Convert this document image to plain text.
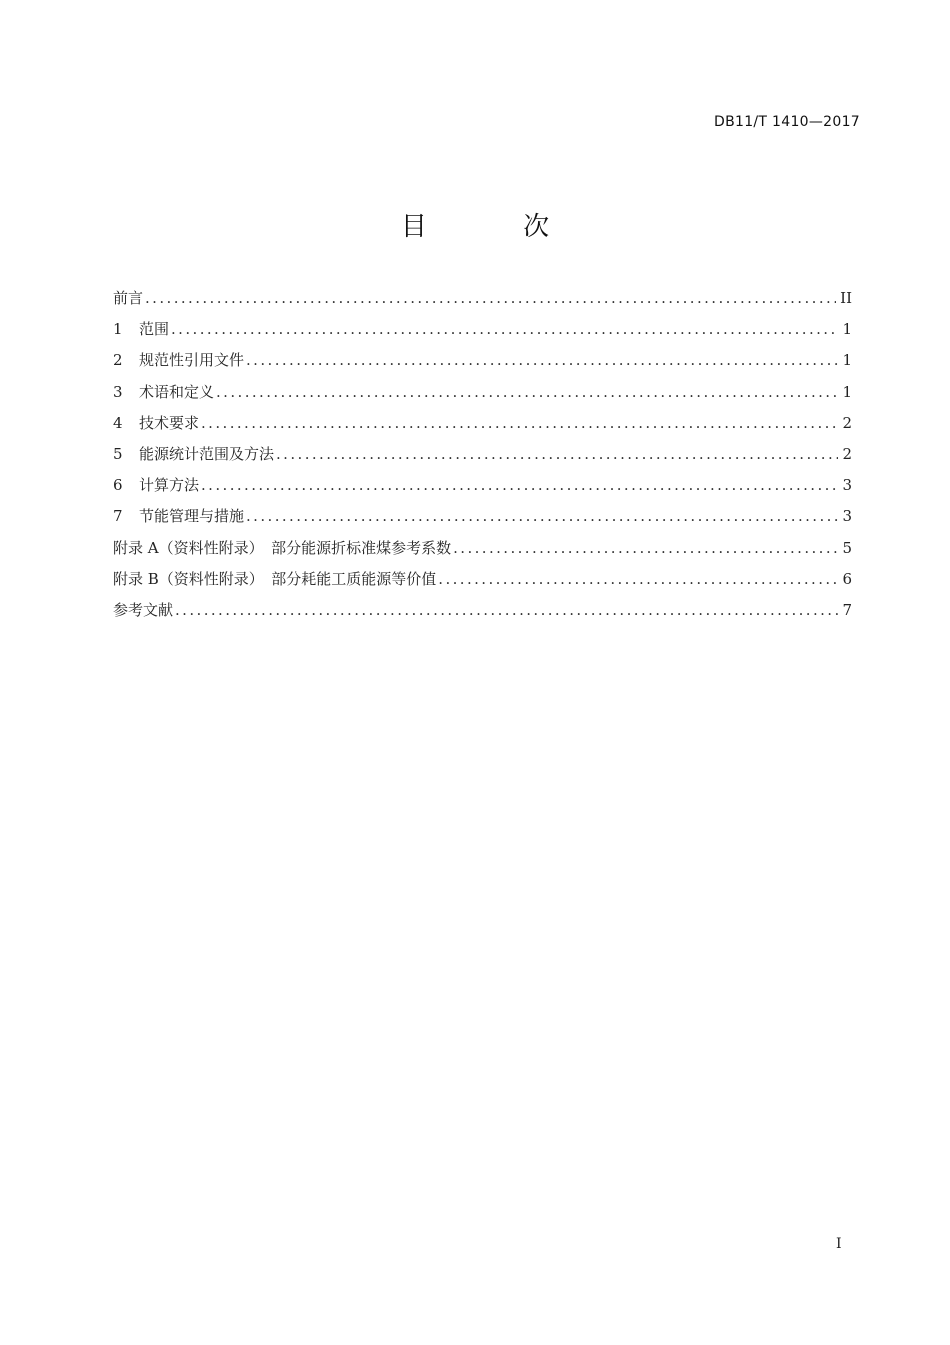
DB11/T 1410—2017
目 次
前言 .....	II
1	范围 .....	1
2	规范性引用文件 .....	1
3	术语和定义 .....	1
4	技术要求 .....	2
5	能源统计范围及方法 .....	2
6	计算方法 .....	3
7	节能管理与措施 .....	3
附录 A（资料性附录）　部分能源折标准煤参考系数 .....	5
附录 B（资料性附录）　部分耗能工质能源等价值 .....	6
参考文献 .....	7
I
